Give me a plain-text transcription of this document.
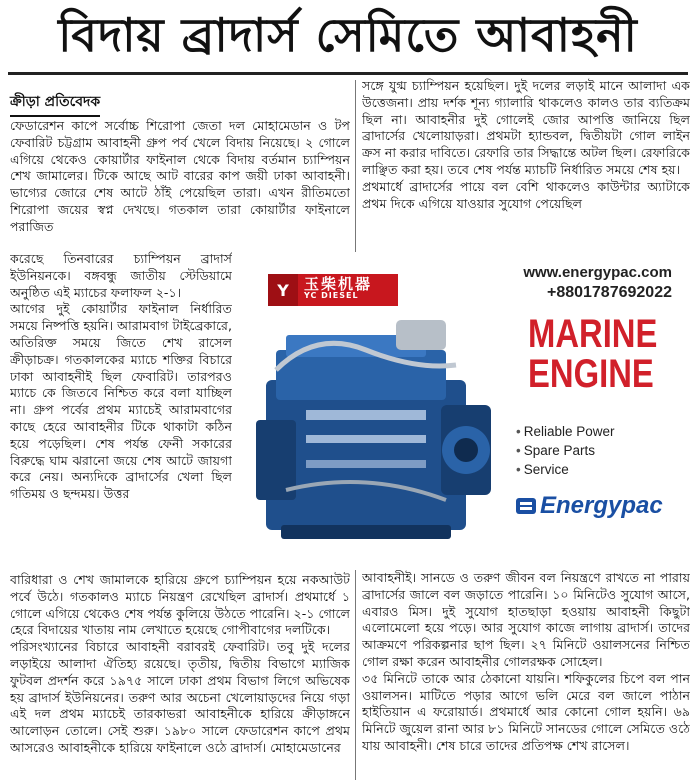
বিদায় ব্রাদার্স সেমিতে আবাহনী
ক্রীড়া প্রতিবেদক

ফেডারেশন কাপে সর্বোচ্চ শিরোপা জেতা দল মোহামেডান ও টপ ফেবারিট চট্টগ্রাম আবাহনী গ্রুপ পর্ব খেলে বিদায় নিয়েছে। ২ গোলে এগিয়ে থেকেও কোয়ার্টার ফাইনাল থেকে বিদায় বর্তমান চ্যাম্পিয়ন শেখ জামালের। টিকে আছে আট বারের কাপ জয়ী ঢাকা আবাহনী। ভাগ্যের জোরে শেষ আটে ঠাঁই পেয়েছিল তারা। এখন রীতিমতো শিরোপা জয়ের স্বপ্ন দেখছে। গতকাল তারা কোয়ার্টার ফাইনালে পরাজিত

করেছে তিনবারের চ্যাম্পিয়ন ব্রাদার্স ইউনিয়নকে। বঙ্গবন্ধু জাতীয় স্টেডিয়ামে অনুষ্ঠিত এই ম্যাচের ফলাফল ২-১।

আগের দুই কোয়ার্টার ফাইনাল নির্ধারিত সময়ে নিষ্পত্তি হয়নি। আরামবাগ টাইব্রেকারে, অতিরিক্ত সময়ে জিতে শেখ রাসেল ক্রীড়াচক্র। গতকালকের ম্যাচে শক্তির বিচারে ঢাকা আবাহনীই ছিল ফেবারিট। তারপরও ম্যাচে কে জিতবে নিশ্চিত করে বলা যাচ্ছিল না। গ্রুপ পর্বের প্রথম ম্যাচেই আরামবাগের কাছে হেরে আবাহনীর টিকে থাকাটা কঠিন হয়ে পড়েছিল। শেষ পর্যন্ত ফেনী সকারের বিরুদ্ধে ঘাম ঝরানো জয়ে শেষ আটে জায়গা করে নেয়। অন্যদিকে ব্রাদার্সের খেলা ছিল গতিময় ও ছন্দময়। উত্তর

বারিধারা ও শেখ জামালকে হারিয়ে গ্রুপে চ্যাম্পিয়ন হয়ে নকআউট পর্বে উঠে। গতকালও ম্যাচে নিয়ন্ত্রণ রেখেছিল ব্রাদার্স। প্রথমার্ধে ১ গোলে এগিয়ে থেকেও শেষ পর্যন্ত কুলিয়ে উঠতে পারেনি। ২-১ গোলে হেরে বিদায়ের খাতায় নাম লেখাতে হয়েছে গোপীবাগের দলটিকে।

পরিসংখ্যানের বিচারে আবাহনী বরাবরই ফেবারিট। তবু দুই দলের লড়াইয়ে আলাদা ঐতিহ্য রয়েছে। তৃতীয়, দ্বিতীয় বিভাগে ম্যাজিক ফুটবল প্রদর্শন করে ১৯৭৫ সালে ঢাকা প্রথম বিভাগ লিগে অভিষেক হয় ব্রাদার্স ইউনিয়নের। তরুণ আর অচেনা খেলোয়াড়দের নিয়ে গড়া এই দল প্রথম ম্যাচেই তারকাভরা আবাহনীকে হারিয়ে ক্রীড়াঙ্গনে আলোড়ন তোলে। সেই শুরু। ১৯৮০ সালে ফেডারেশন কাপে প্রথম আসরেও আবাহনীকে হারিয়ে ফাইনালে ওঠে ব্রাদার্স। মোহামেডানের

সঙ্গে যুগ্ম চ্যাম্পিয়ন হয়েছিল। দুই দলের লড়াই মানে আলাদা এক উত্তেজনা। প্রায় দর্শক শূন্য গ্যালারি থাকলেও কালও তার ব্যতিক্রম ছিল না। আবাহনীর দুই গোলেই জোর আপত্তি জানিয়ে ছিল ব্রাদার্সের খেলোয়াড়রা। প্রথমটা হ্যান্ডবল, দ্বিতীয়টা গোল লাইন ক্রস না করার দাবিতে। রেফারি তার সিদ্ধান্তে অটল ছিল। রেফারিকে লাঞ্ছিত করা হয়। তবে শেষ পর্যন্ত ম্যাচটি নির্ধারিত সময়ে শেষ হয়।

প্রথমার্ধে ব্রাদার্সের পায়ে বল বেশি থাকলেও কাউন্টার অ্যাটাকে প্রথম দিকে এগিয়ে যাওয়ার সুযোগ পেয়েছিল

আবাহনীই। সানডে ও তরুণ জীবন বল নিয়ন্ত্রণে রাখতে না পারায় ব্রাদার্সের জালে বল জড়াতে পারেনি। ১০ মিনিটেও সুযোগ আসে, এবারও মিস। দুই সুযোগ হাতছাড়া হওয়ায় আবাহনী কিছুটা এলোমেলো হয়ে পড়ে। আর সুযোগ কাজে লাগায় ব্রাদার্স। তাদের আক্রমণে পরিকল্পনার ছাপ ছিল। ২৭ মিনিটে ওয়ালসনের নিশ্চিত গোল রক্ষা করেন আবাহনীর গোলরক্ষক সোহেল।

৩৫ মিনিটে তাকে আর ঠেকানো যায়নি। শফিকুলের চিপে বল পান ওয়ালসন। মাটিতে পড়ার আগে ভলি মেরে বল জালে পাঠান হাইতিয়ান এ ফরোয়ার্ড। প্রথমার্ধে আর কোনো গোল হয়নি। ৬৯ মিনিটে জুয়েল রানা আর ৮১ মিনিটে সানডের গোলে সেমিতে ওঠে যায় আবাহনী। শেষ চারে তাদের প্রতিপক্ষ শেখ রাসেল।

Y	玉柴机器
YC DIESEL
www.energypac.com
+8801787692022
MARINE
ENGINE
• Reliable Power
• Spare Parts
• Service
Energypac
